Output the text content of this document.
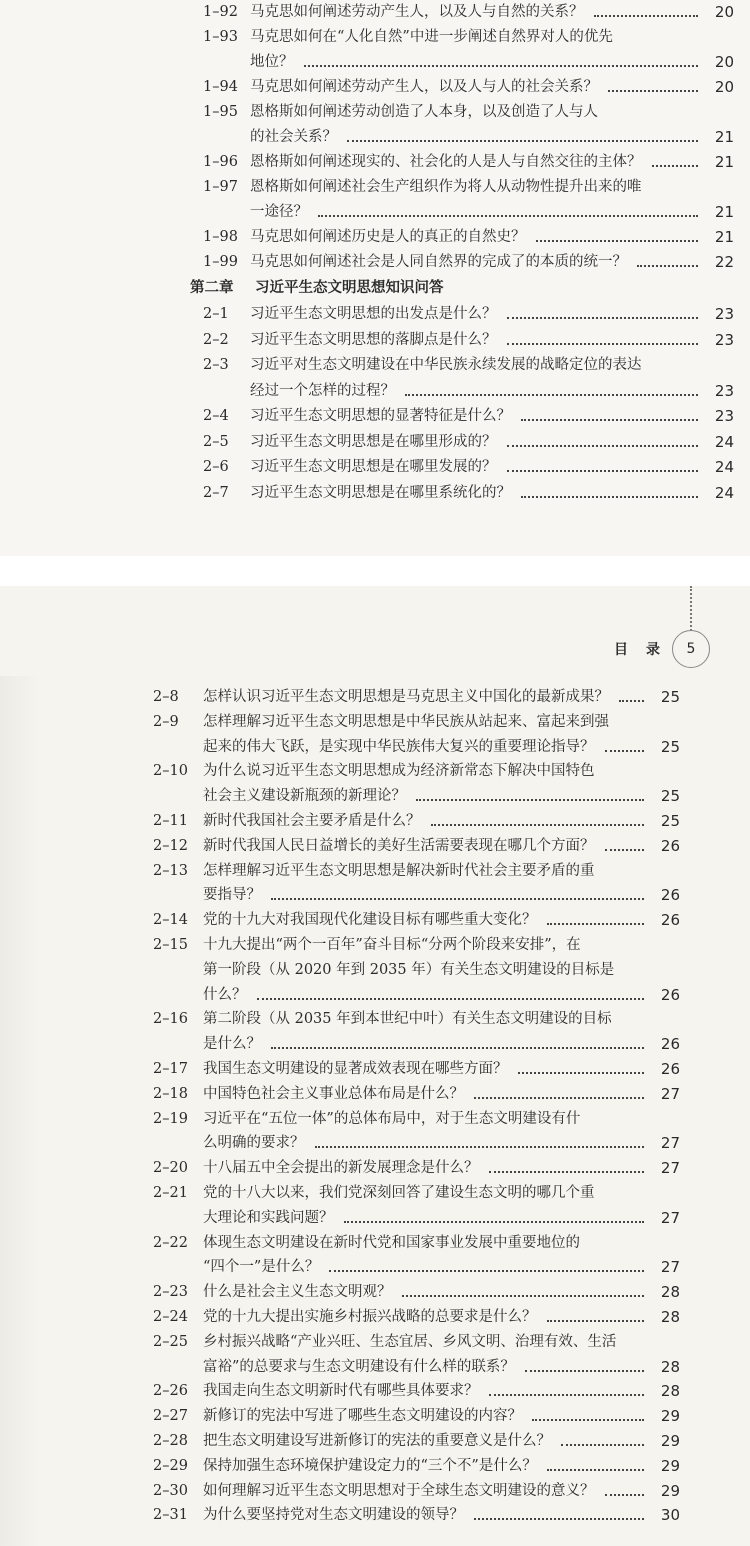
1–92 马克思如何阐述劳动产生人，以及人与自然的关系？	20
1–93 马克思如何在“人化自然”中进一步阐述自然界对人的优先
地位？	20
1–94 马克思如何阐述劳动产生人，以及人与人的社会关系？	20
1–95 恩格斯如何阐述劳动创造了人本身，以及创造了人与人
的社会关系？	21
1–96 恩格斯如何阐述现实的、社会化的人是人与自然交往的主体？	21
1–97 恩格斯如何阐述社会生产组织作为将人从动物性提升出来的唯
一途径？	21
1–98 马克思如何阐述历史是人的真正的自然史？	21
1–99 马克思如何阐述社会是人同自然界的完成了的本质的统一？	22
第二章 习近平生态文明思想知识问答
2–1 习近平生态文明思想的出发点是什么？	23
2–2 习近平生态文明思想的落脚点是什么？	23
2–3 习近平对生态文明建设在中华民族永续发展的战略定位的表达
经过一个怎样的过程？	23
2–4 习近平生态文明思想的显著特征是什么？	23
2–5 习近平生态文明思想是在哪里形成的？	24
2–6 习近平生态文明思想是在哪里发展的？	24
2–7 习近平生态文明思想是在哪里系统化的？	24
目录 5
2–8 怎样认识习近平生态文明思想是马克思主义中国化的最新成果？	25
2–9 怎样理解习近平生态文明思想是中华民族从站起来、富起来到强
起来的伟大飞跃，是实现中华民族伟大复兴的重要理论指导？	25
2–10 为什么说习近平生态文明思想成为经济新常态下解决中国特色
社会主义建设新瓶颈的新理论？	25
2–11 新时代我国社会主要矛盾是什么？	25
2–12 新时代我国人民日益增长的美好生活需要表现在哪几个方面？	26
2–13 怎样理解习近平生态文明思想是解决新时代社会主要矛盾的重
要指导？	26
2–14 党的十九大对我国现代化建设目标有哪些重大变化？	26
2–15 十九大提出“两个一百年”奋斗目标“分两个阶段来安排”，在
第一阶段（从 2020 年到 2035 年）有关生态文明建设的目标是
什么？	26
2–16 第二阶段（从 2035 年到本世纪中叶）有关生态文明建设的目标
是什么？	26
2–17 我国生态文明建设的显著成效表现在哪些方面？	26
2–18 中国特色社会主义事业总体布局是什么？	27
2–19 习近平在“五位一体”的总体布局中，对于生态文明建设有什
么明确的要求？	27
2–20 十八届五中全会提出的新发展理念是什么？	27
2–21 党的十八大以来，我们党深刻回答了建设生态文明的哪几个重
大理论和实践问题？	27
2–22 体现生态文明建设在新时代党和国家事业发展中重要地位的
“四个一”是什么？	27
2–23 什么是社会主义生态文明观？	28
2–24 党的十九大提出实施乡村振兴战略的总要求是什么？	28
2–25 乡村振兴战略“产业兴旺、生态宜居、乡风文明、治理有效、生活
富裕”的总要求与生态文明建设有什么样的联系？	28
2–26 我国走向生态文明新时代有哪些具体要求？	28
2–27 新修订的宪法中写进了哪些生态文明建设的内容？	29
2–28 把生态文明建设写进新修订的宪法的重要意义是什么？	29
2–29 保持加强生态环境保护建设定力的“三个不”是什么？	29
2–30 如何理解习近平生态文明思想对于全球生态文明建设的意义？	29
2–31 为什么要坚持党对生态文明建设的领导？	30
